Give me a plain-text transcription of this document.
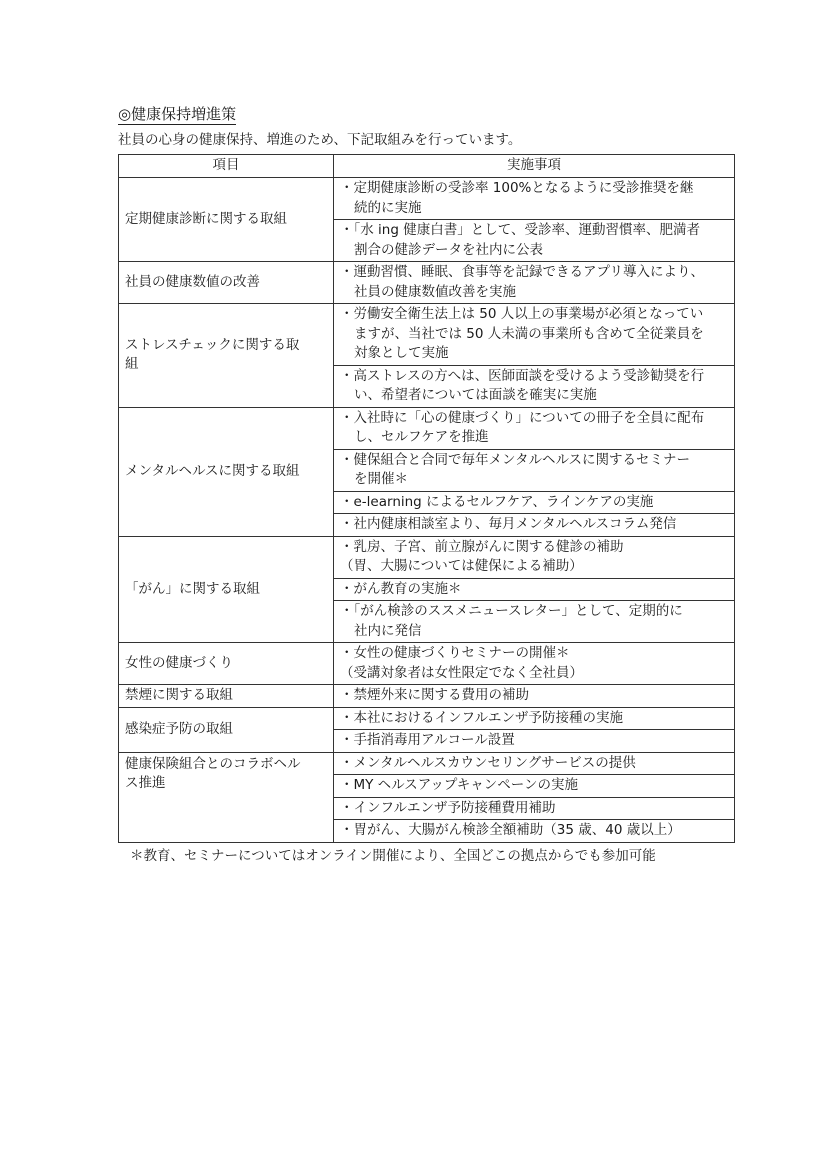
◎健康保持増進策
社員の心身の健康保持、増進のため、下記取組みを行っています。
項目	実施事項

定期健康診断に関する取組	・定期健康診断の受診率 100%となるように受診推奨を継
続的に実施

	・「水 ing 健康白書」として、受診率、運動習慣率、肥満者
割合の健診データを社内に公表

社員の健康数値の改善	・運動習慣、睡眠、食事等を記録できるアプリ導入により、
社員の健康数値改善を実施

ストレスチェックに関する取
組	・労働安全衛生法上は 50 人以上の事業場が必須となってい
ますが、当社では 50 人未満の事業所も含めて全従業員を
対象として実施

	・高ストレスの方へは、医師面談を受けるよう受診勧奨を行
い、希望者については面談を確実に実施

メンタルヘルスに関する取組	・入社時に「心の健康づくり」についての冊子を全員に配布
し、セルフケアを推進

	・健保組合と合同で毎年メンタルヘルスに関するセミナー
を開催＊

	・e-learning によるセルフケア、ラインケアの実施

	・社内健康相談室より、毎月メンタルヘルスコラム発信

「がん」に関する取組	・乳房、子宮、前立腺がんに関する健診の補助
（胃、大腸については健保による補助）

	・がん教育の実施＊

	・「がん検診のススメニュースレター」として、定期的に
社内に発信

女性の健康づくり	・女性の健康づくりセミナーの開催＊
（受講対象者は女性限定でなく全社員）

禁煙に関する取組	・禁煙外来に関する費用の補助

感染症予防の取組	・本社におけるインフルエンザ予防接種の実施

	・手指消毒用アルコール設置

健康保険組合とのコラボヘル
ス推進	・メンタルヘルスカウンセリングサービスの提供

	・MY ヘルスアップキャンペーンの実施

	・インフルエンザ予防接種費用補助

	・胃がん、大腸がん検診全額補助（35 歳、40 歳以上）
＊教育、セミナーについてはオンライン開催により、全国どこの拠点からでも参加可能
